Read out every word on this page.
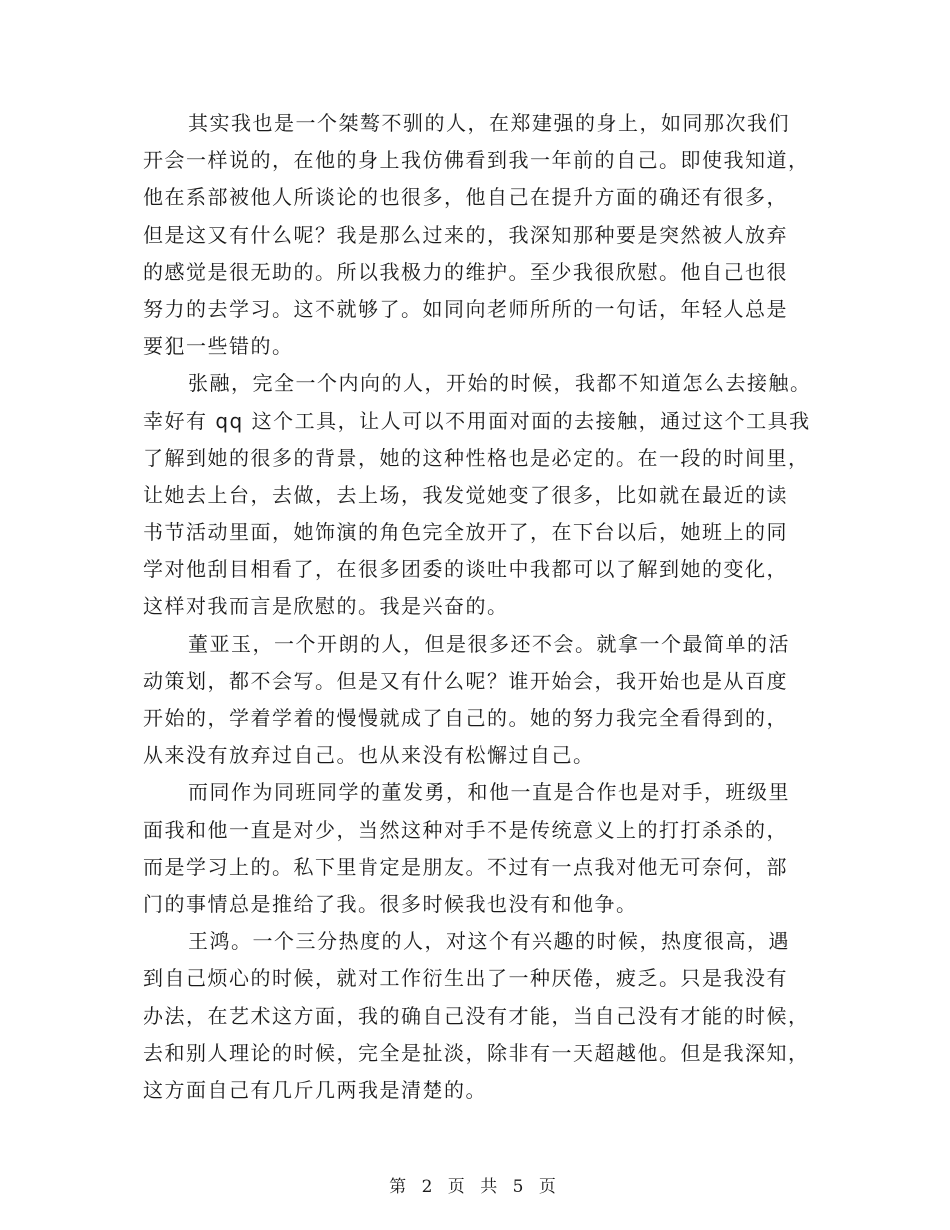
其实我也是一个桀骜不驯的人，在郑建强的身上，如同那次我们
开会一样说的，在他的身上我仿佛看到我一年前的自己。即使我知道，
他在系部被他人所谈论的也很多，他自己在提升方面的确还有很多，
但是这又有什么呢？我是那么过来的，我深知那种要是突然被人放弃
的感觉是很无助的。所以我极力的维护。至少我很欣慰。他自己也很
努力的去学习。这不就够了。如同向老师所所的一句话，年轻人总是
要犯一些错的。
张融，完全一个内向的人，开始的时候，我都不知道怎么去接触。
幸好有 qq 这个工具，让人可以不用面对面的去接触，通过这个工具我
了解到她的很多的背景，她的这种性格也是必定的。在一段的时间里，
让她去上台，去做，去上场，我发觉她变了很多，比如就在最近的读
书节活动里面，她饰演的角色完全放开了，在下台以后，她班上的同
学对他刮目相看了，在很多团委的谈吐中我都可以了解到她的变化，
这样对我而言是欣慰的。我是兴奋的。
董亚玉，一个开朗的人，但是很多还不会。就拿一个最简单的活
动策划，都不会写。但是又有什么呢？谁开始会，我开始也是从百度
开始的，学着学着的慢慢就成了自己的。她的努力我完全看得到的，
从来没有放弃过自己。也从来没有松懈过自己。
而同作为同班同学的董发勇，和他一直是合作也是对手，班级里
面我和他一直是对少，当然这种对手不是传统意义上的打打杀杀的，
而是学习上的。私下里肯定是朋友。不过有一点我对他无可奈何，部
门的事情总是推给了我。很多时候我也没有和他争。
王鸿。一个三分热度的人，对这个有兴趣的时候，热度很高，遇
到自己烦心的时候，就对工作衍生出了一种厌倦，疲乏。只是我没有
办法，在艺术这方面，我的确自己没有才能，当自己没有才能的时候，
去和别人理论的时候，完全是扯淡，除非有一天超越他。但是我深知，
这方面自己有几斤几两我是清楚的。
第 2 页 共 5 页
